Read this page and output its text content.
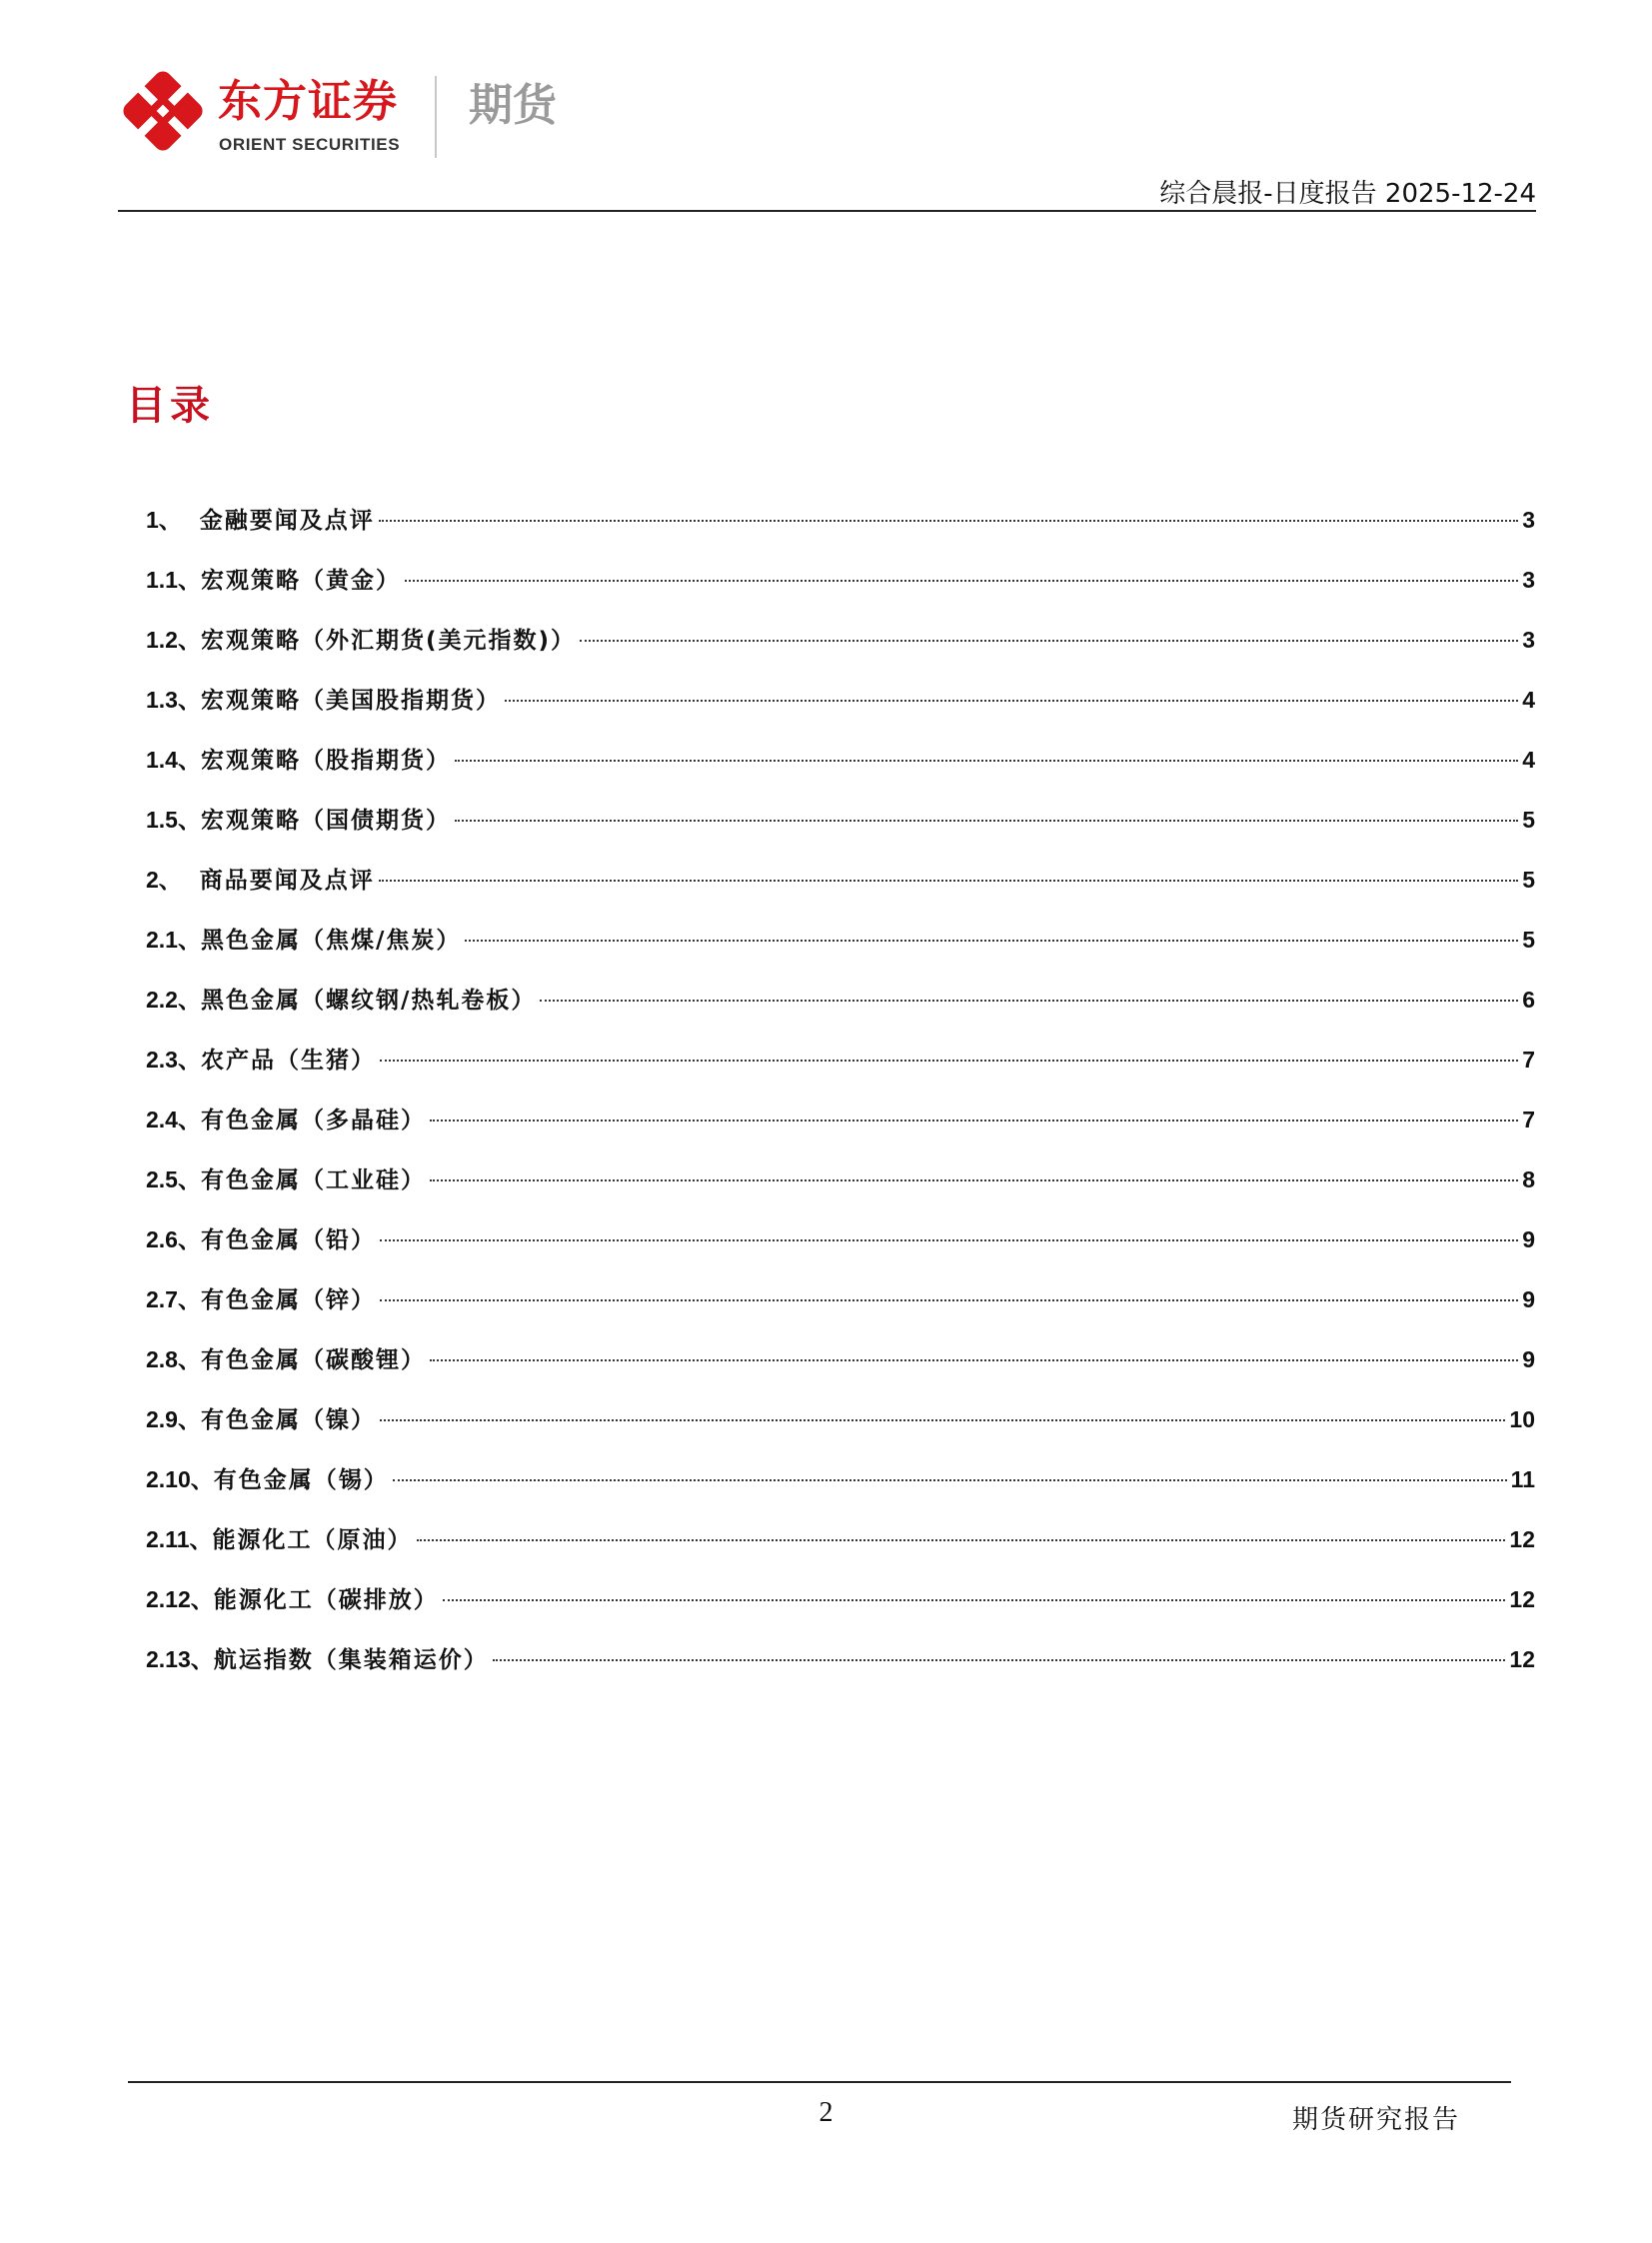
东方证券
ORIENT SECURITIES
期货
综合晨报-日度报告 2025-12-24
目录
1 、 金融要闻及点评	3
1.1 、 宏观策略（黄金）	3
1.2 、 宏观策略（外汇期货(美元指数)）	3
1.3 、 宏观策略（美国股指期货）	4
1.4 、 宏观策略（股指期货）	4
1.5 、 宏观策略（国债期货）	5
2 、 商品要闻及点评	5
2.1 、 黑色金属（焦煤/焦炭）	5
2.2 、 黑色金属（螺纹钢/热轧卷板）	6
2.3 、 农产品（生猪）	7
2.4 、 有色金属（多晶硅）	7
2.5 、 有色金属（工业硅）	8
2.6 、 有色金属（铅）	9
2.7 、 有色金属（锌）	9
2.8 、 有色金属（碳酸锂）	9
2.9 、 有色金属（镍）	10
2.10 、 有色金属（锡）	11
2.11 、 能源化工（原油）	12
2.12 、 能源化工（碳排放）	12
2.13 、 航运指数（集装箱运价）	12
2	期货研究报告
